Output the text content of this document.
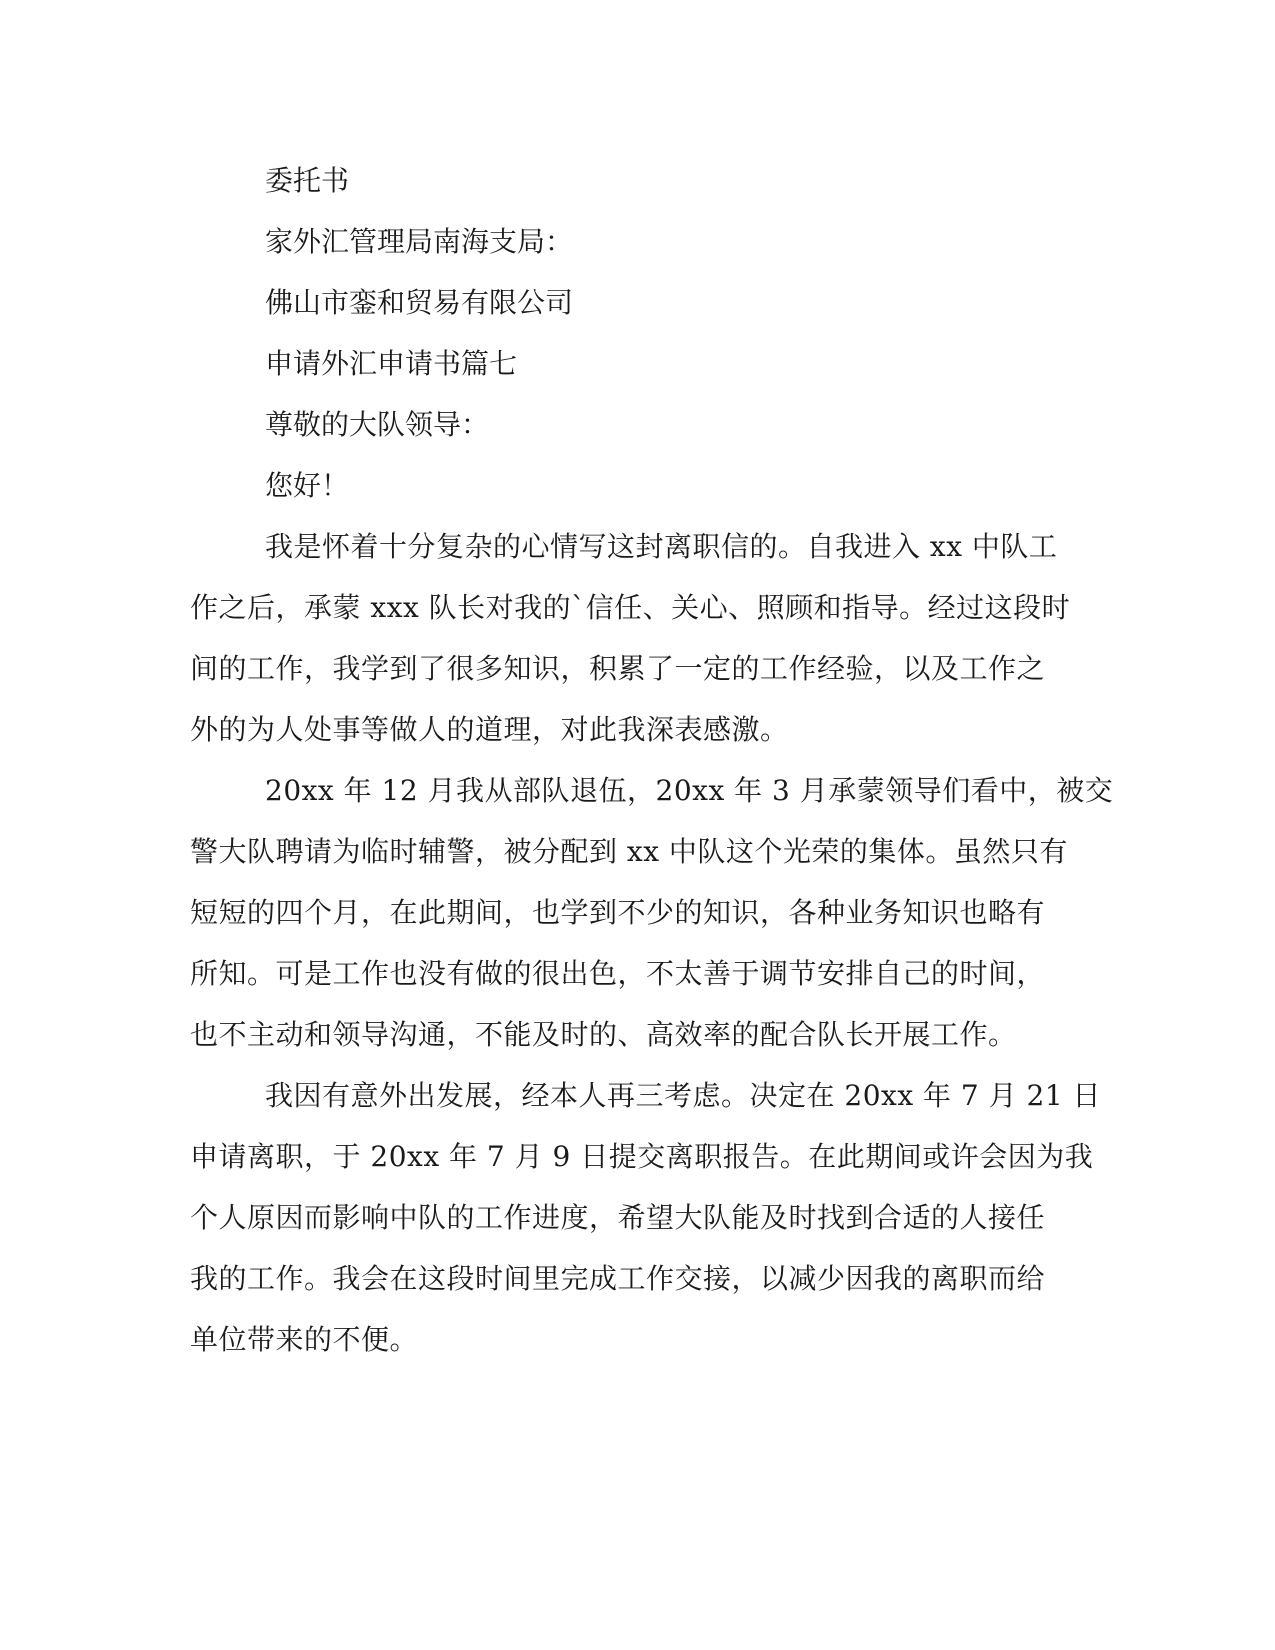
委托书

家外汇管理局南海支局：

佛山市銮和贸易有限公司

申请外汇申请书篇七

尊敬的大队领导：

您好！

我是怀着十分复杂的心情写这封离职信的。自我进入 xx 中队工
作之后，承蒙 xxx 队长对我的`信任、关心、照顾和指导。经过这段时
间的工作，我学到了很多知识，积累了一定的工作经验，以及工作之
外的为人处事等做人的道理，对此我深表感激。
20xx 年 12 月我从部队退伍，20xx 年 3 月承蒙领导们看中，被交
警大队聘请为临时辅警，被分配到 xx 中队这个光荣的集体。虽然只有
短短的四个月，在此期间，也学到不少的知识，各种业务知识也略有
所知。可是工作也没有做的很出色，不太善于调节安排自己的时间，
也不主动和领导沟通，不能及时的、高效率的配合队长开展工作。
我因有意外出发展，经本人再三考虑。决定在 20xx 年 7 月 21 日
申请离职，于 20xx 年 7 月 9 日提交离职报告。在此期间或许会因为我
个人原因而影响中队的工作进度，希望大队能及时找到合适的人接任
我的工作。我会在这段时间里完成工作交接，以减少因我的离职而给
单位带来的不便。
